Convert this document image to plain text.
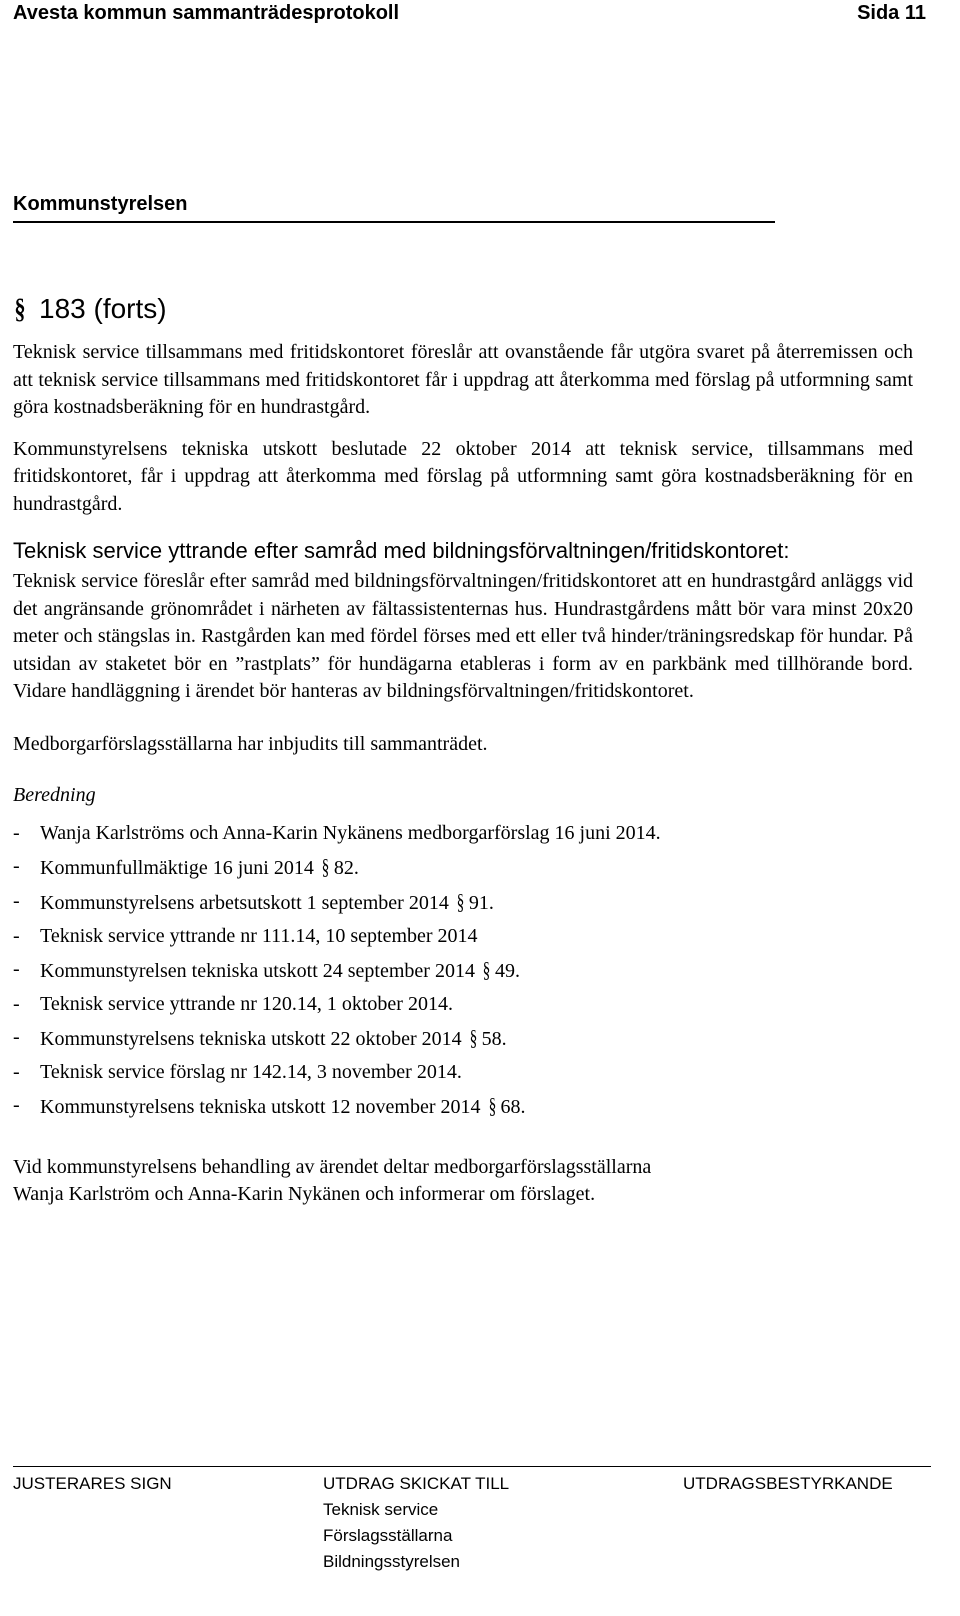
Avesta kommun sammanträdesprotokoll	Sida 11
Kommunstyrelsen
§ 183 (forts)

Teknisk service tillsammans med fritidskontoret föreslår att ovanstående får utgöra svaret på återremissen och att teknisk service tillsammans med fritidskontoret får i uppdrag att återkomma med förslag på utformning samt göra kostnadsberäkning för en hundrastgård.

Kommunstyrelsens tekniska utskott beslutade 22 oktober 2014 att teknisk service, tillsammans med fritidskontoret, får i uppdrag att återkomma med förslag på utformning samt göra kostnadsberäkning för en hundrastgård.

Teknisk service yttrande efter samråd med bildningsförvaltningen/fritidskontoret:

Teknisk service föreslår efter samråd med bildningsförvaltningen/fritidskontoret att en hundrastgård anläggs vid det angränsande grönområdet i närheten av fältassistenternas hus. Hundrastgårdens mått bör vara minst 20x20 meter och stängslas in. Rastgården kan med fördel förses med ett eller två hinder/träningsredskap för hundar. På utsidan av staketet bör en ”rastplats” för hundägarna etableras i form av en parkbänk med tillhörande bord. Vidare handläggning i ärendet bör hanteras av bildningsförvaltningen/fritidskontoret.

Medborgarförslagsställarna har inbjudits till sammanträdet.

Beredning
- Wanja Karlströms och Anna-Karin Nykänens medborgarförslag 16 juni 2014.
- Kommunfullmäktige 16 juni 2014 § 82.
- Kommunstyrelsens arbetsutskott 1 september 2014 § 91.
- Teknisk service yttrande nr 111.14, 10 september 2014
- Kommunstyrelsen tekniska utskott 24 september 2014 § 49.
- Teknisk service yttrande nr 120.14, 1 oktober 2014.
- Kommunstyrelsens tekniska utskott 22 oktober 2014 § 58.
- Teknisk service förslag nr 142.14, 3 november 2014.
- Kommunstyrelsens tekniska utskott 12 november 2014 § 68.
Vid kommunstyrelsens behandling av ärendet deltar medborgarförslagsställarna
Wanja Karlström och Anna-Karin Nykänen och informerar om förslaget.
JUSTERARES SIGN	UTDRAG SKICKAT TILL
Teknisk service
Förslagsställarna
Bildningsstyrelsen
UTDRAGSBESTYRKANDE
